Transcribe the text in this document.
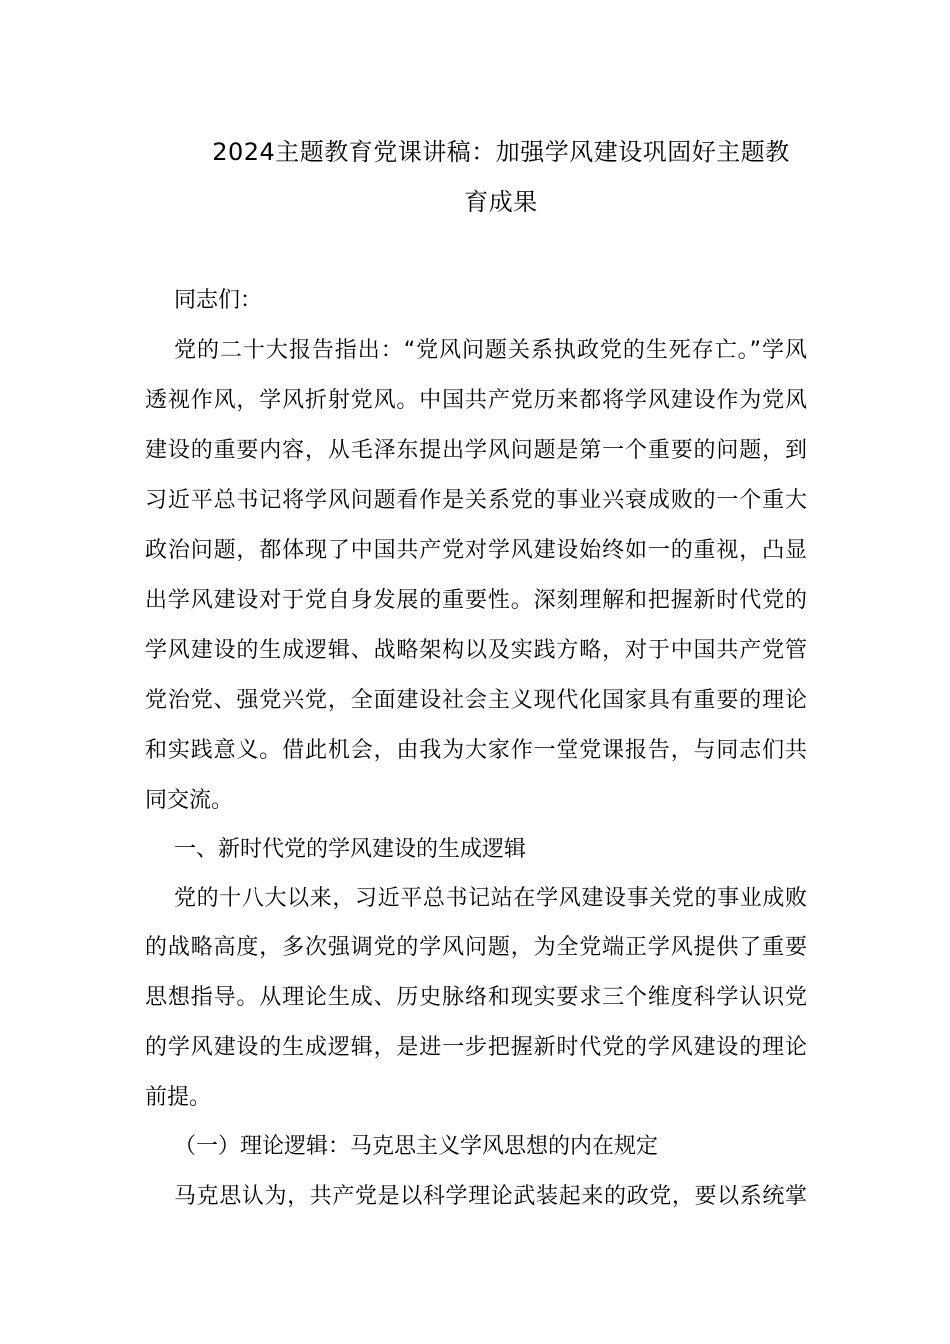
2024主题教育党课讲稿：加强学风建设巩固好主题教
育成果
同志们：
党的二十大报告指出：“党风问题关系执政党的生死存亡。”学风
透视作风，学风折射党风。中国共产党历来都将学风建设作为党风
建设的重要内容，从毛泽东提出学风问题是第一个重要的问题，到
习近平总书记将学风问题看作是关系党的事业兴衰成败的一个重大
政治问题，都体现了中国共产党对学风建设始终如一的重视，凸显
出学风建设对于党自身发展的重要性。深刻理解和把握新时代党的
学风建设的生成逻辑、战略架构以及实践方略，对于中国共产党管
党治党、强党兴党，全面建设社会主义现代化国家具有重要的理论
和实践意义。借此机会，由我为大家作一堂党课报告，与同志们共
同交流。
一、新时代党的学风建设的生成逻辑
党的十八大以来，习近平总书记站在学风建设事关党的事业成败
的战略高度，多次强调党的学风问题，为全党端正学风提供了重要
思想指导。从理论生成、历史脉络和现实要求三个维度科学认识党
的学风建设的生成逻辑，是进一步把握新时代党的学风建设的理论
前提。
（一）理论逻辑：马克思主义学风思想的内在规定
马克思认为，共产党是以科学理论武装起来的政党，要以系统掌
